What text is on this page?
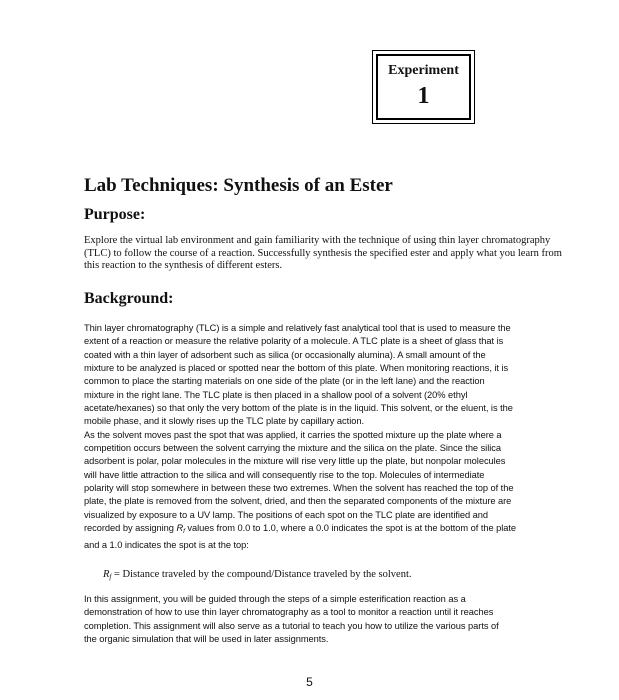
Experiment
1
Lab Techniques: Synthesis of an Ester
Purpose:

Explore the virtual lab environment and gain familiarity with the technique of using thin layer chromatography (TLC) to follow the course of a reaction. Successfully synthesis the specified ester and apply what you learn from this reaction to the synthesis of different esters.

Background:
Thin layer chromatography (TLC) is a simple and relatively fast analytical tool that is used to measure the
extent of a reaction or measure the relative polarity of a molecule. A TLC plate is a sheet of glass that is
coated with a thin layer of adsorbent such as silica (or occasionally alumina). A small amount of the
mixture to be analyzed is placed or spotted near the bottom of this plate. When monitoring reactions, it is
common to place the starting materials on one side of the plate (or in the left lane) and the reaction
mixture in the right lane. The TLC plate is then placed in a shallow pool of a solvent (20% ethyl
acetate/hexanes) so that only the very bottom of the plate is in the liquid. This solvent, or the eluent, is the
mobile phase, and it slowly rises up the TLC plate by capillary action.
As the solvent moves past the spot that was applied, it carries the spotted mixture up the plate where a
competition occurs between the solvent carrying the mixture and the silica on the plate. Since the silica
adsorbent is polar, polar molecules in the mixture will rise very little up the plate, but nonpolar molecules
will have little attraction to the silica and will consequently rise to the top. Molecules of intermediate
polarity will stop somewhere in between these two extremes. When the solvent has reached the top of the
plate, the plate is removed from the solvent, dried, and then the separated components of the mixture are
visualized by exposure to a UV lamp. The positions of each spot on the TLC plate are identified and
recorded by assigning $R_f$ values from 0.0 to 1.0, where a 0.0 indicates the spot is at the bottom of the plate
and a 1.0 indicates the spot is at the top:

$R_f$ = Distance traveled by the compound/Distance traveled by the solvent.

In this assignment, you will be guided through the steps of a simple esterification reaction as a
demonstration of how to use thin layer chromatography as a tool to monitor a reaction until it reaches
completion. This assignment will also serve as a tutorial to teach you how to utilize the various parts of
the organic simulation that will be used in later assignments.
5
